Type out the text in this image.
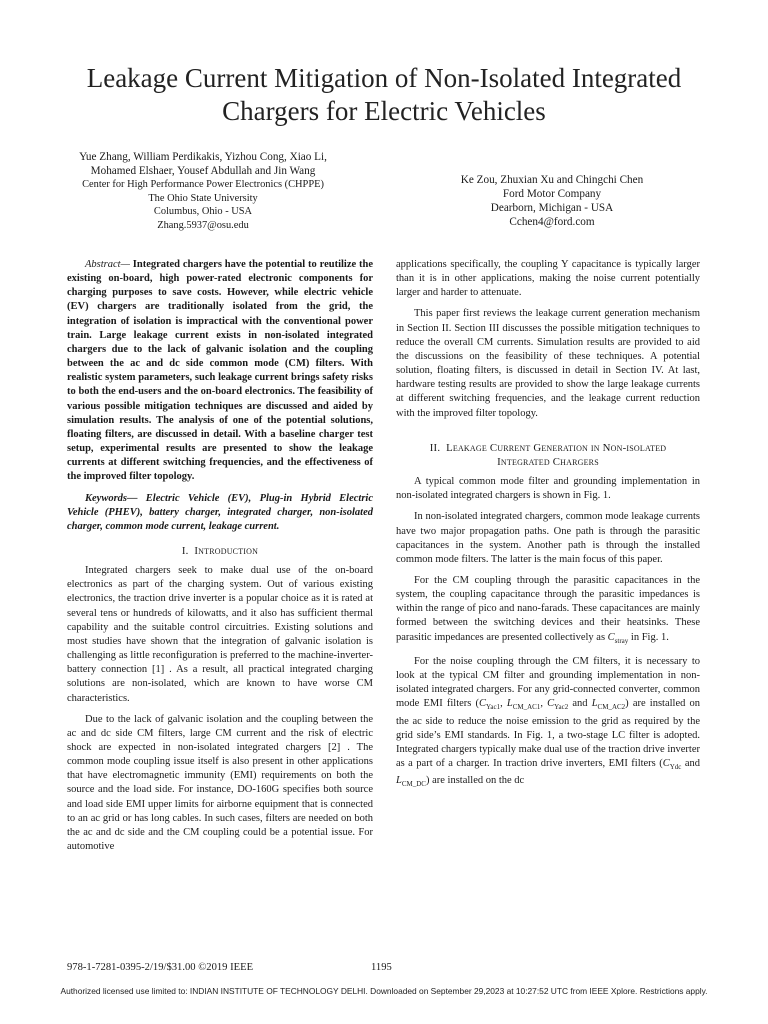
Leakage Current Mitigation of Non-Isolated Integrated
Chargers for Electric Vehicles
Yue Zhang, William Perdikakis, Yizhou Cong, Xiao Li,
Mohamed Elshaer, Yousef Abdullah and Jin Wang
Center for High Performance Power Electronics (CHPPE)
The Ohio State University
Columbus, Ohio - USA
Zhang.5937@osu.edu
Ke Zou, Zhuxian Xu and Chingchi Chen
Ford Motor Company
Dearborn, Michigan - USA
Cchen4@ford.com

Abstract— Integrated chargers have the potential to reutilize the existing on-board, high power-rated electronic components for charging purposes to save costs. However, while electric vehicle (EV) chargers are traditionally isolated from the grid, the integration of isolation is impractical with the conventional power train. Large leakage current exists in non-isolated integrated chargers due to the lack of galvanic isolation and the coupling between the ac and dc side common mode (CM) filters. With realistic system parameters, such leakage current brings safety risks to both the end-users and the on-board electronics. The feasibility of various possible mitigation techniques are discussed and aided by simulation results. The analysis of one of the potential solutions, floating filters, are discussed in detail. With a baseline charger test setup, experimental results are presented to show the leakage currents at different switching frequencies, and the effectiveness of the improved filter topology.

Keywords— Electric Vehicle (EV), Plug-in Hybrid Electric Vehicle (PHEV), battery charger, integrated charger, non-isolated charger, common mode current, leakage current.

I. Introduction

Integrated chargers seek to make dual use of the on-board electronics as part of the charging system. Out of various existing electronics, the traction drive inverter is a popular choice as it is rated at several tens or hundreds of kilowatts, and it also has sufficient thermal capability and the suitable control circuitries. Existing solutions and most studies have shown that the integration of galvanic isolation is challenging as little reconfiguration is preferred to the machine-inverter-battery connection [1] . As a result, all practical integrated charging solutions are non-isolated, which are known to have worse CM characteristics.

Due to the lack of galvanic isolation and the coupling between the ac and dc side CM filters, large CM current and the risk of electric shock are expected in non-isolated integrated chargers [2] . The common mode coupling issue itself is also present in other applications that have electromagnetic immunity (EMI) requirements on both the source and the load side. For instance, DO-160G specifies both source and load side EMI upper limits for airborne equipment that is connected to an ac grid or has long cables. In such cases, filters are needed on both the ac and dc side and the CM coupling could be a potential issue. For automotive

applications specifically, the coupling Y capacitance is typically larger than it is in other applications, making the noise current potentially larger and harder to attenuate.

This paper first reviews the leakage current generation mechanism in Section II. Section III discusses the possible mitigation techniques to reduce the overall CM currents. Simulation results are provided to aid the discussions on the feasibility of these techniques. A potential solution, floating filters, is discussed in detail in Section IV. At last, hardware testing results are provided to show the large leakage currents at different switching frequencies, and the leakage current reduction with the improved filter topology.

II. Leakage Current Generation in Non-isolated
Integrated Chargers

A typical common mode filter and grounding implementation in non-isolated integrated chargers is shown in Fig. 1.

In non-isolated integrated chargers, common mode leakage currents have two major propagation paths. One path is through the parasitic capacitances in the system. Another path is through the installed common mode filters. The latter is the main focus of this paper.

For the CM coupling through the parasitic capacitances in the system, the coupling capacitance through the parasitic impedances is within the range of pico and nano-farads. These capacitances are mainly formed between the switching devices and their heatsinks. These parasitic impedances are presented collectively as $C_{stray}$ in Fig. 1.

For the noise coupling through the CM filters, it is necessary to look at the typical CM filter and grounding implementation in non-isolated integrated chargers. For any grid-connected converter, common mode EMI filters ($C_{Yac1}$, $L_{CM\_AC1}$, $C_{Yac2}$ and $L_{CM\_AC2}$) are installed on the ac side to reduce the noise emission to the grid as required by the grid side’s EMI standards. In Fig. 1, a two-stage LC filter is adopted. Integrated chargers typically make dual use of the traction drive inverter as a part of a charger. In traction drive inverters, EMI filters ($C_{Ydc}$ and $L_{CM\_DC}$) are installed on the dc

978-1-7281-0395-2/19/$31.00 ©2019 IEEE	1195
Authorized licensed use limited to: INDIAN INSTITUTE OF TECHNOLOGY DELHI. Downloaded on September 29,2023 at 10:27:52 UTC from IEEE Xplore. Restrictions apply.
